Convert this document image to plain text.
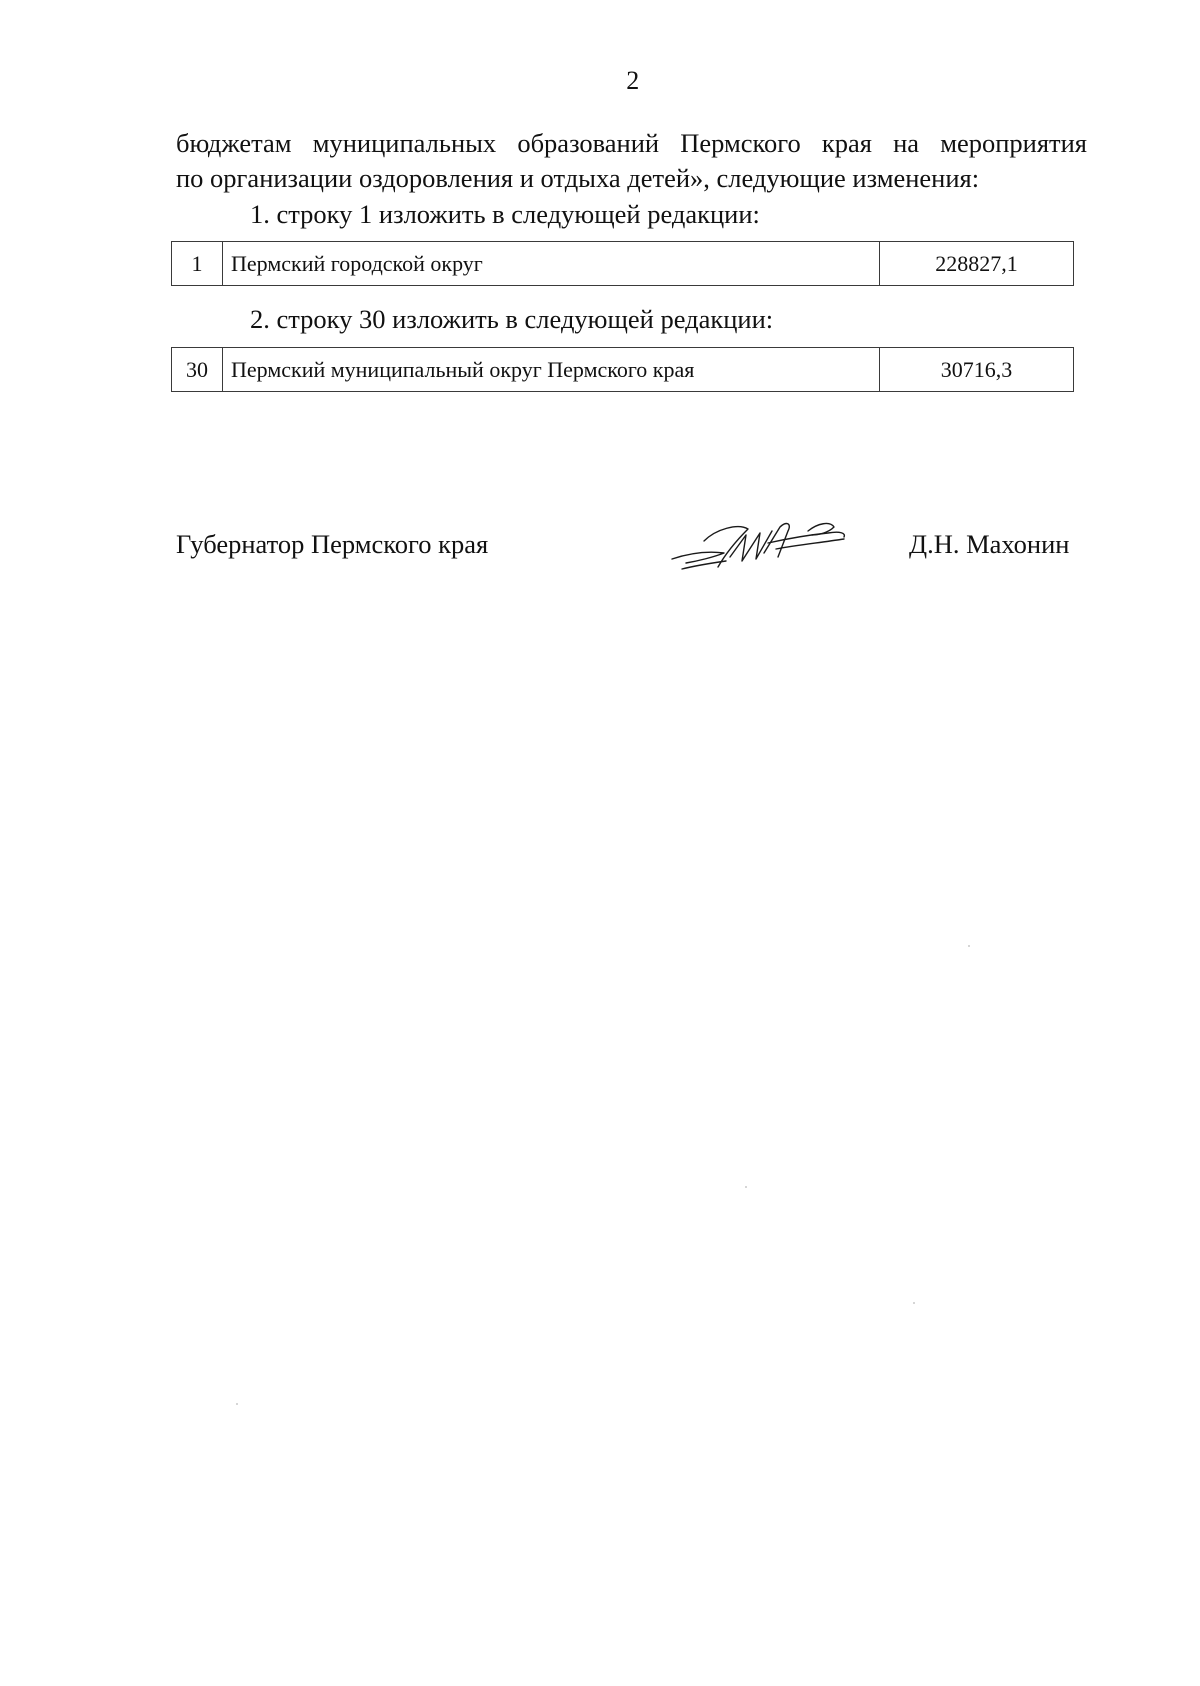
2
бюджетам муниципальных образований Пермского края на мероприятия
по организации оздоровления и отдыха детей», следующие изменения:
1. строку 1 изложить в следующей редакции:
1	Пермский городской округ	228827,1
2. строку 30 изложить в следующей редакции:
30	Пермский муниципальный округ Пермского края	30716,3
Губернатор Пермского края	Д.Н. Махонин
